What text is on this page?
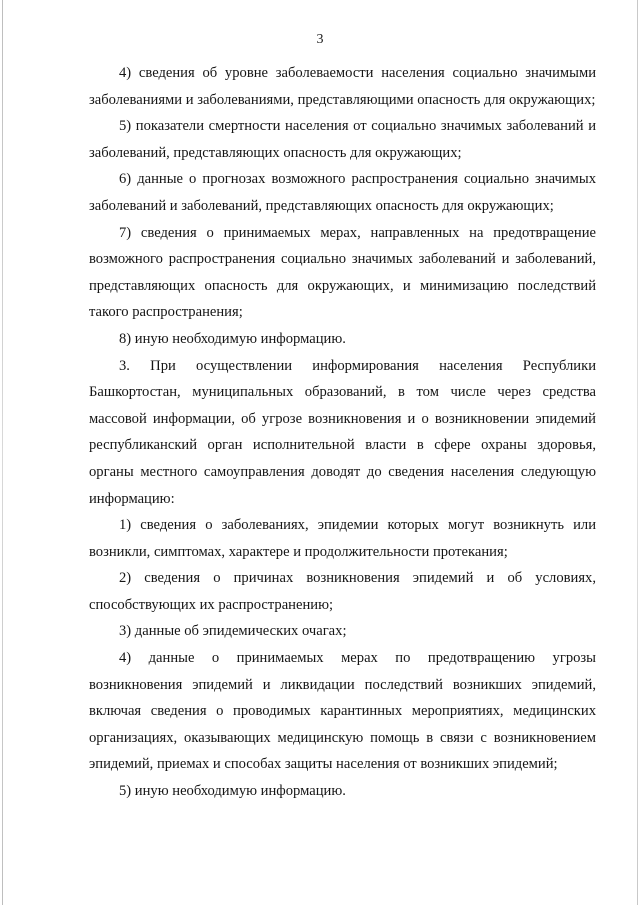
3

4) сведения об уровне заболеваемости населения социально значимыми заболеваниями и заболеваниями, представляющими опасность для окружающих;

5) показатели смертности населения от социально значимых заболеваний и заболеваний, представляющих опасность для окружающих;

6) данные о прогнозах возможного распространения социально значимых заболеваний и заболеваний, представляющих опасность для окружающих;

7) сведения о принимаемых мерах, направленных на предотвращение возможного распространения социально значимых заболеваний и заболеваний, представляющих опасность для окружающих, и минимизацию последствий такого распространения;

8) иную необходимую информацию.

3. При осуществлении информирования населения Республики Башкортостан, муниципальных образований, в том числе через средства массовой информации, об угрозе возникновения и о возникновении эпидемий республиканский орган исполнительной власти в сфере охраны здоровья, органы местного самоуправления доводят до сведения населения следующую информацию:

1) сведения о заболеваниях, эпидемии которых могут возникнуть или возникли, симптомах, характере и продолжительности протекания;

2) сведения о причинах возникновения эпидемий и об условиях, способствующих их распространению;

3) данные об эпидемических очагах;

4) данные о принимаемых мерах по предотвращению угрозы возникновения эпидемий и ликвидации последствий возникших эпидемий, включая сведения о проводимых карантинных мероприятиях, медицинских организациях, оказывающих медицинскую помощь в связи с возникновением эпидемий, приемах и способах защиты населения от возникших эпидемий;

5) иную необходимую информацию.
